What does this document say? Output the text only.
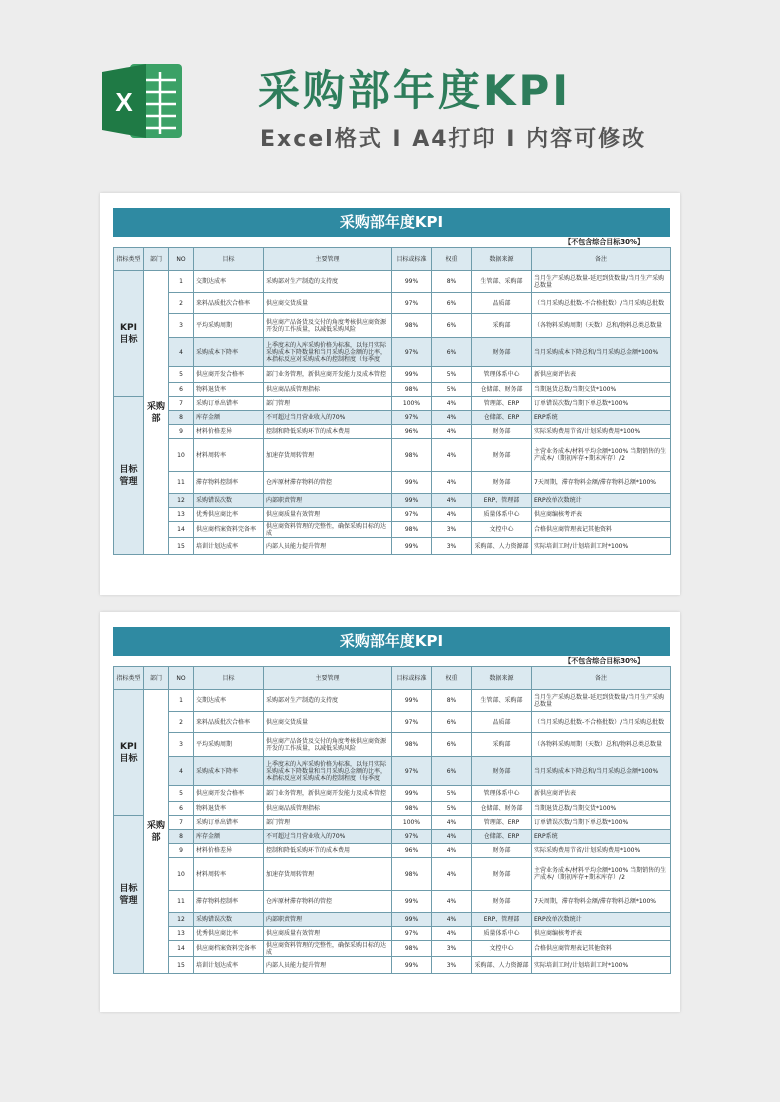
X	采购部年度KPI
Excel格式 I A4打印 I 内容可修改
采购部年度KPI
【不包含综合目标30%】
指标类型	部门	NO	目标	主要管理	目标或标准	权重	数据来源	备注
KPI 目标	采购 部	1	交期达成率	采购部对生产制造的支持度	99%	8%	生管部、采购部	当月生产采购总数量-延迟到货数量/当月生产采购总数量
		2	来料品质批次合格率	供应商交货质量	97%	6%	品质部	（当月采购总批数-不合格批数）/当月采购总批数
		3	平均采购周期	供应商产品备货及交付的角度考核供应商资源开发的工作质量，以减低采购风险	98%	6%	采购部	（各物料采购周期（天数）总和/物料总类总数量
		4	采购成本下降率	上季度末的入库采购价格为标准，以每月实际采购成本下降数量和当月采购总金额的比率，本指标反应对采购成本的控制程度（每季度	97%	6%	财务部	当月采购成本下降总和/当月采购总金额*100%
		5	供应商开发合格率	部门业务管理，新供应商开发能力及成本管控	99%	5%	管理体系中心	新供应商评估表
		6	物料退货率	供应商品质管理指标	98%	5%	仓储部、财务部	当期退货总数/当期交货*100%
目标 管理		7	采购订单出错率	部门管理	100%	4%	管理部、ERP	订单错误次数/当期下单总数*100%
		8	库存金额	不可超过当月营业收入的70%	97%	4%	仓储部、ERP	ERP系统
		9	材料价格差异	控制和降低采购环节的成本费用	96%	4%	财务部	实际采购费用节省/计划采购费用*100%
		10	材料周转率	加速存货周转管理	98%	4%	财务部	主营业务成本/材料平均余额*100% 当期销售的生产成本/（期初库存+期末库存）/2
		11	滞存物料控制率	仓库原材滞存物料的管控	99%	4%	财务部	7天周期，滞存物料金额/滞存物料总额*100%
		12	采购错误次数	内部职责管理	99%	4%	ERP、管理部	ERP改单次数统计
		13	优秀供应商比率	供应商质量有效管理	97%	4%	质量体系中心	供应商编核考评表
		14	供应商档案资料完备率	供应商资料管理的完整性，确保采购目标的达成	98%	3%	文控中心	合格供应商管理表记其他资料
		15	培训计划达成率	内部人员能力提升管理	99%	3%	采购部、人力资源部	实际培训工时/计划培训工时*100%
采购部年度KPI
【不包含综合目标30%】
指标类型	部门	NO	目标	主要管理	目标或标准	权重	数据来源	备注
KPI 目标	采购 部	1	交期达成率	采购部对生产制造的支持度	99%	8%	生管部、采购部	当月生产采购总数量-延迟到货数量/当月生产采购总数量
		2	来料品质批次合格率	供应商交货质量	97%	6%	品质部	（当月采购总批数-不合格批数）/当月采购总批数
		3	平均采购周期	供应商产品备货及交付的角度考核供应商资源开发的工作质量，以减低采购风险	98%	6%	采购部	（各物料采购周期（天数）总和/物料总类总数量
		4	采购成本下降率	上季度末的入库采购价格为标准，以每月实际采购成本下降数量和当月采购总金额的比率，本指标反应对采购成本的控制程度（每季度	97%	6%	财务部	当月采购成本下降总和/当月采购总金额*100%
		5	供应商开发合格率	部门业务管理，新供应商开发能力及成本管控	99%	5%	管理体系中心	新供应商评估表
		6	物料退货率	供应商品质管理指标	98%	5%	仓储部、财务部	当期退货总数/当期交货*100%
目标 管理		7	采购订单出错率	部门管理	100%	4%	管理部、ERP	订单错误次数/当期下单总数*100%
		8	库存金额	不可超过当月营业收入的70%	97%	4%	仓储部、ERP	ERP系统
		9	材料价格差异	控制和降低采购环节的成本费用	96%	4%	财务部	实际采购费用节省/计划采购费用*100%
		10	材料周转率	加速存货周转管理	98%	4%	财务部	主营业务成本/材料平均余额*100% 当期销售的生产成本/（期初库存+期末库存）/2
		11	滞存物料控制率	仓库原材滞存物料的管控	99%	4%	财务部	7天周期，滞存物料金额/滞存物料总额*100%
		12	采购错误次数	内部职责管理	99%	4%	ERP、管理部	ERP改单次数统计
		13	优秀供应商比率	供应商质量有效管理	97%	4%	质量体系中心	供应商编核考评表
		14	供应商档案资料完备率	供应商资料管理的完整性，确保采购目标的达成	98%	3%	文控中心	合格供应商管理表记其他资料
		15	培训计划达成率	内部人员能力提升管理	99%	3%	采购部、人力资源部	实际培训工时/计划培训工时*100%
